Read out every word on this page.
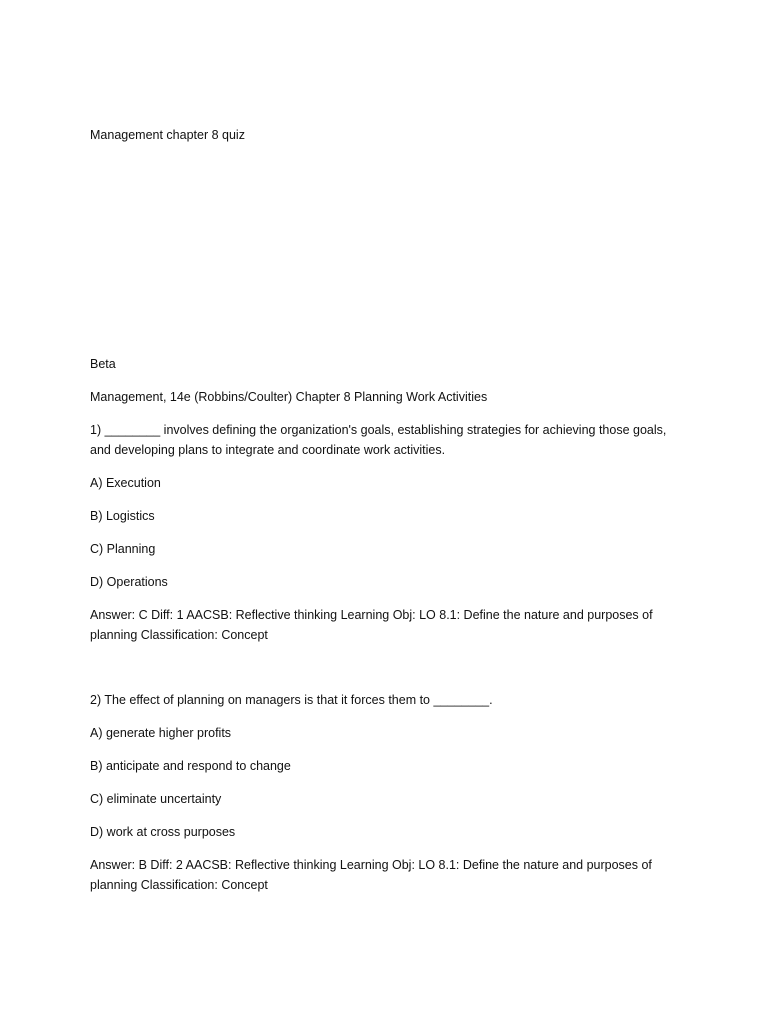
Management chapter 8 quiz
Beta
Management, 14e (Robbins/Coulter) Chapter 8 Planning Work Activities
1) ________ involves defining the organization's goals, establishing strategies for achieving those goals, and developing plans to integrate and coordinate work activities.
A) Execution
B) Logistics
C) Planning
D) Operations
Answer: C Diff: 1 AACSB: Reflective thinking Learning Obj: LO 8.1: Define the nature and purposes of planning Classification: Concept
2) The effect of planning on managers is that it forces them to ________.
A) generate higher profits
B) anticipate and respond to change
C) eliminate uncertainty
D) work at cross purposes
Answer: B Diff: 2 AACSB: Reflective thinking Learning Obj: LO 8.1: Define the nature and purposes of planning Classification: Concept
